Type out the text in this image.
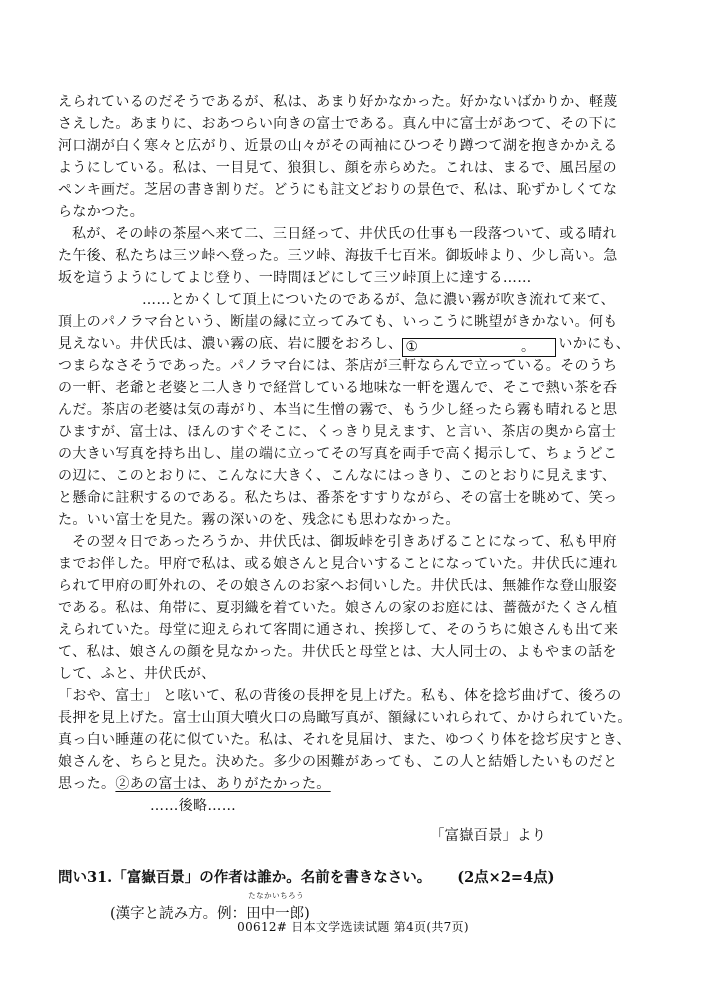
えられているのだそうであるが、私は、あまり好かなかった。好かないばかりか、軽蔑
さえした。あまりに、おあつらい向きの富士である。真ん中に富士があつて、その下に
河口湖が白く寒々と広がり、近景の山々がその両袖にひつそり蹲つて湖を抱きかかえる
ようにしている。私は、一目見て、狼狽し、顔を赤らめた。これは、まるで、風呂屋の
ペンキ画だ。芝居の書き割りだ。どうにも註文どおりの景色で、私は、恥ずかしくてな
らなかつた。
私が、その峠の茶屋へ来て二、三日経って、井伏氏の仕事も一段落ついて、或る晴れ
た午後、私たちは三ツ峠へ登った。三ツ峠、海抜千七百米。御坂峠より、少し高い。急
坂を這うようにしてよじ登り、一時間ほどにして三ツ峠頂上に達する……
……とかくして頂上についたのであるが、急に濃い霧が吹き流れて来て、
頂上のパノラマ台という、断崖の縁に立ってみても、いっこうに眺望がきかない。何も
見えない。井伏氏は、濃い霧の底、岩に腰をおろし、 ①	。 いかにも、
つまらなさそうであった。パノラマ台には、茶店が三軒ならんで立っている。そのうち
の一軒、老爺と老婆と二人きりで経営している地味な一軒を選んで、そこで熱い茶を呑
んだ。茶店の老婆は気の毒がり、本当に生憎の霧で、もう少し経ったら霧も晴れると思
ひますが、富士は、ほんのすぐそこに、くっきり見えます、と言い、茶店の奥から富士
の大きい写真を持ち出し、崖の端に立ってその写真を両手で高く掲示して、ちょうどこ
の辺に、このとおりに、こんなに大きく、こんなにはっきり、このとおりに見えます、
と懸命に註釈するのである。私たちは、番茶をすすりながら、その富士を眺めて、笑っ
た。いい富士を見た。霧の深いのを、残念にも思わなかった。
その翌々日であったろうか、井伏氏は、御坂峠を引きあげることになって、私も甲府
までお伴した。甲府で私は、或る娘さんと見合いすることになっていた。井伏氏に連れ
られて甲府の町外れの、その娘さんのお家へお伺いした。井伏氏は、無雑作な登山服姿
である。私は、角帯に、夏羽織を着ていた。娘さんの家のお庭には、薔薇がたくさん植
えられていた。母堂に迎えられて客間に通され、挨拶して、そのうちに娘さんも出て来
て、私は、娘さんの顔を見なかった。井伏氏と母堂とは、大人同士の、よもやまの話を
して、ふと、井伏氏が、
「おや、富士」 と呟いて、私の背後の長押を見上げた。私も、体を捻ぢ曲げて、後ろの
長押を見上げた。富士山頂大噴火口の鳥瞰写真が、額縁にいれられて、かけられていた。
真っ白い睡蓮の花に似ていた。私は、それを見届け、また、ゆつくり体を捻ぢ戻すとき、
娘さんを、ちらと見た。決めた。多少の困難があっても、この人と結婚したいものだと
思った。②あの富士は、ありがたかった。
……後略……
「富嶽百景」より
問い31.「富嶽百景」の作者は誰か。名前を書きなさい。 (2点×2=4点)
(漢字と読み方。例：
たなかいちろう
田中一郎)
00612# 日本文学选读试题 第4页(共7页)
